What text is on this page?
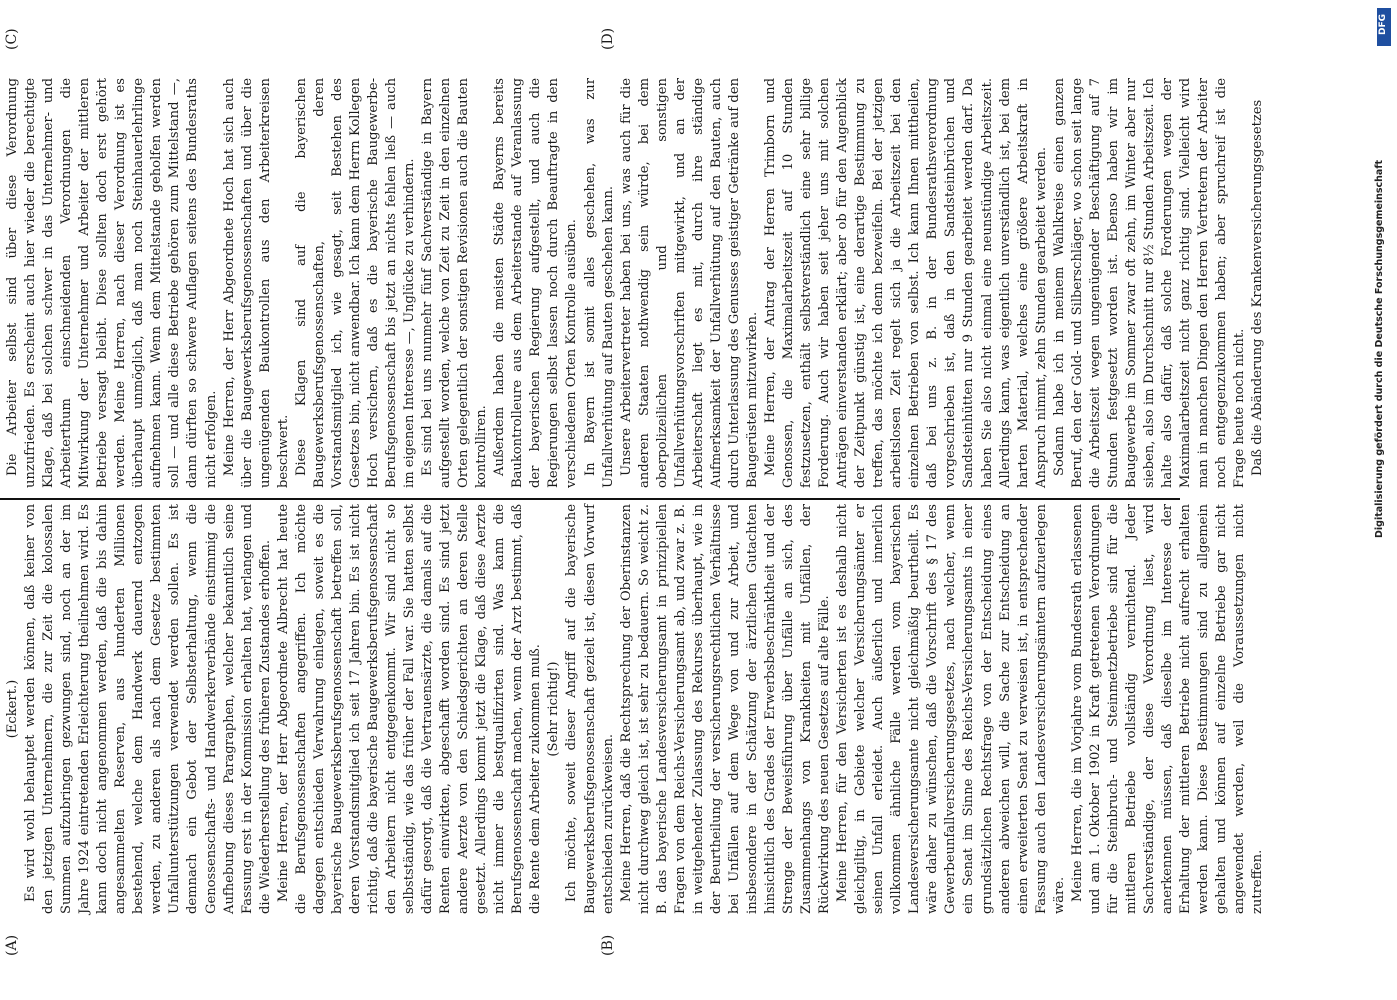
(A)	(B)
(C)	(D)

(Eckert.) Es wird wohl behauptet werden können, daß keiner von den jetzigen Unternehmern, die zur Zeit die kolossalen Summen aufzubringen gezwungen sind, noch an der im Jahre 1924 eintretenden Erleichterung theilnehmen wird. Es kann doch nicht angenommen werden, daß die bis dahin angesammelten Reserven, aus hunderten Millionen bestehend, welche dem Handwerk dauernd entzogen werden, zu anderen als nach dem Gesetze bestimmten Unfallunterstützungen verwendet werden sollen. Es ist demnach ein Gebot der Selbsterhaltung, wenn die Genossenschafts- und Handwerkerverbände einstimmig die Aufhebung dieses Paragraphen, welcher bekanntlich seine Fassung erst in der Kommission erhalten hat, verlangen und die Wiederherstellung des früheren Zustandes erhoffen. Meine Herren, der Herr Abgeordnete Albrecht hat heute die Berufsgenossenschaften angegriffen. Ich möchte dagegen entschieden Verwahrung einlegen, soweit es die bayerische Baugewerksberufsgenossenschaft betreffen soll, deren Vorstandsmitglied ich seit 17 Jahren bin. Es ist nicht richtig, daß die bayerische Baugewerksberufsgenossenschaft den Arbeitern nicht entgegenkommt. Wir sind nicht so selbstständig, wie das früher der Fall war. Sie hatten selbst dafür gesorgt, daß die Vertrauensärzte, die damals auf die Renten einwirkten, abgeschafft worden sind. Es sind jetzt andere Aerzte von den Schiedsgerichten an deren Stelle gesetzt. Allerdings kommt jetzt die Klage, daß diese Aerzte nicht immer die bestqualifizirten sind. Was kann die Berufsgenossenschaft machen, wenn der Arzt bestimmt, daß die Rente dem Arbeiter zukommen muß. (Sehr richtig!) Ich möchte, soweit dieser Angriff auf die bayerische Baugewerksberufsgenossenschaft gezielt ist, diesen Vorwurf entschieden zurückweisen. Meine Herren, daß die Rechtsprechung der Oberinstanzen nicht durchweg gleich ist, ist sehr zu bedauern. So weicht z. B. das bayerische Landesversicherungsamt in prinzipiellen Fragen von dem Reichs-Versicherungsamt ab, und zwar z. B. in weitgehender Zulassung des Rekurses überhaupt, wie in der Beurtheilung der versicherungsrechtlichen Verhältnisse bei Unfällen auf dem Wege von und zur Arbeit, und insbesondere in der Schätzung der ärztlichen Gutachten hinsichtlich des Grades der Erwerbsbeschränktheit und der Strenge der Beweisführung über Unfälle an sich, des Zusammenhangs von Krankheiten mit Unfällen, der Rückwirkung des neuen Gesetzes auf alte Fälle. Meine Herren, für den Versicherten ist es deshalb nicht gleichgiltig, in Gebiete welcher Versicherungsämter er seinen Unfall erleidet. Auch äußerlich und innerlich vollkommen ähnliche Fälle werden vom bayerischen Landesversicherungsamte nicht gleichmäßig beurtheilt. Es wäre daher zu wünschen, daß die Vorschrift des § 17 des Gewerbeunfallversicherungsgesetzes, nach welcher, wenn ein Senat im Sinne des Reichs-Versicherungsamts in einer grundsätzlichen Rechtsfrage von der Entscheidung eines anderen abweichen will, die Sache zur Entscheidung an einen erweiterten Senat zu verweisen ist, in entsprechender Fassung auch den Landesversicherungsämtern aufzuerlegen wäre. Meine Herren, die im Vorjahre vom Bundesrath erlassenen und am 1. Oktober 1902 in Kraft getretenen Verordnungen für die Steinbruch- und Steinmetzbetriebe sind für die mittleren Betriebe vollständig vernichtend. Jeder Sachverständige, der diese Verordnung liest, wird anerkennen müssen, daß dieselbe im Interesse der Erhaltung der mittleren Betriebe nicht aufrecht erhalten werden kann. Diese Bestimmungen sind zu allgemein gehalten und können auf einzelne Betriebe gar nicht angewendet werden, weil die Voraussetzungen nicht zutreffen.

Die Arbeiter selbst sind über diese Verordnung unzufrieden. Es erscheint auch hier wieder die berechtigte Klage, daß bei solchen schwer in das Unternehmer- und Arbeiterthum einschneidenden Verordnungen die Mitwirkung der Unternehmer und Arbeiter der mittleren Betriebe versagt bleibt. Diese sollten doch erst gehört werden. Meine Herren, nach dieser Verordnung ist es überhaupt unmöglich, daß man noch Steinhauerlehrlinge aufnehmen kann. Wenn dem Mittelstande geholfen werden soll — und alle diese Betriebe gehören zum Mittelstand —, dann dürften so schwere Auflagen seitens des Bundesraths nicht erfolgen. Meine Herren, der Herr Abgeordnete Hoch hat sich auch über die Baugewerksberufsgenossenschaften und über die ungenügenden Baukontrollen aus den Arbeiterkreisen beschwert. Diese Klagen sind auf die bayerischen Baugewerksberufsgenossenschaften, deren Vorstandsmitglied ich, wie gesagt, seit Bestehen des Gesetzes bin, nicht anwendbar. Ich kann dem Herrn Kollegen Hoch versichern, daß es die bayerische Baugewerbe-Berufsgenossenschaft bis jetzt an nichts fehlen ließ — auch im eigenen Interesse —, Unglücke zu verhindern. Es sind bei uns nunmehr fünf Sachverständige in Bayern aufgestellt worden, welche von Zeit zu Zeit in den einzelnen Orten gelegentlich der sonstigen Revisionen auch die Bauten kontrolliren. Außerdem haben die meisten Städte Bayerns bereits Baukontrolleure aus dem Arbeiterstande auf Veranlassung der bayerischen Regierung aufgestellt, und auch die Regierungen selbst lassen noch durch Beauftragte in den verschiedenen Orten Kontrolle ausüben. In Bayern ist somit alles geschehen, was zur Unfallverhütung auf Bauten geschehen kann. Unsere Arbeitervertreter haben bei uns, was auch für die anderen Staaten nothwendig sein würde, bei dem oberpolizeilichen und sonstigen Unfallverhütungsvorschriften mitgewirkt, und an der Arbeiterschaft liegt es mit, durch ihre ständige Aufmerksamkeit der Unfallverhütung auf den Bauten, auch durch Unterlassung des Genusses geistiger Getränke auf den Baugerüsten mitzuwirken. Meine Herren, der Antrag der Herren Trimborn und Genossen, die Maximalarbeitszeit auf 10 Stunden festzusetzen, enthält selbstverständlich eine sehr billige Forderung. Auch wir haben seit jeher uns mit solchen Anträgen einverstanden erklärt; aber ob für den Augenblick der Zeitpunkt günstig ist, eine derartige Bestimmung zu treffen, das möchte ich denn bezweifeln. Bei der jetzigen arbeitslosen Zeit regelt sich ja die Arbeitszeit bei den einzelnen Betrieben von selbst. Ich kann Ihnen mittheilen, daß bei uns z. B. in der Bundesrathsverordnung vorgeschrieben ist, daß in den Sandsteinbrüchen und Sandsteinhütten nur 9 Stunden gearbeitet werden darf. Da haben Sie also nicht einmal eine neunstündige Arbeitszeit. Allerdings kann, was eigentlich unverständlich ist, bei dem harten Material, welches eine größere Arbeitskraft in Anspruch nimmt, zehn Stunden gearbeitet werden. Sodann habe ich in meinem Wahlkreise einen ganzen Beruf, den der Gold- und Silberschläger, wo schon seit lange die Arbeitszeit wegen ungenügender Beschäftigung auf 7 Stunden festgesetzt worden ist. Ebenso haben wir im Baugewerbe im Sommer zwar oft zehn, im Winter aber nur sieben, also im Durchschnitt nur 8½ Stunden Arbeitszeit. Ich halte also dafür, daß solche Forderungen wegen der Maximalarbeitszeit nicht ganz richtig sind. Vielleicht wird man in manchen Dingen den Herren Vertretern der Arbeiter noch entgegenzukommen haben; aber spruchreif ist die Frage heute noch nicht. Daß die Abänderung des Krankenversicherungsgesetzes

DFG
Digitalisierung gefördert durch die Deutsche Forschungsgemeinschaft
